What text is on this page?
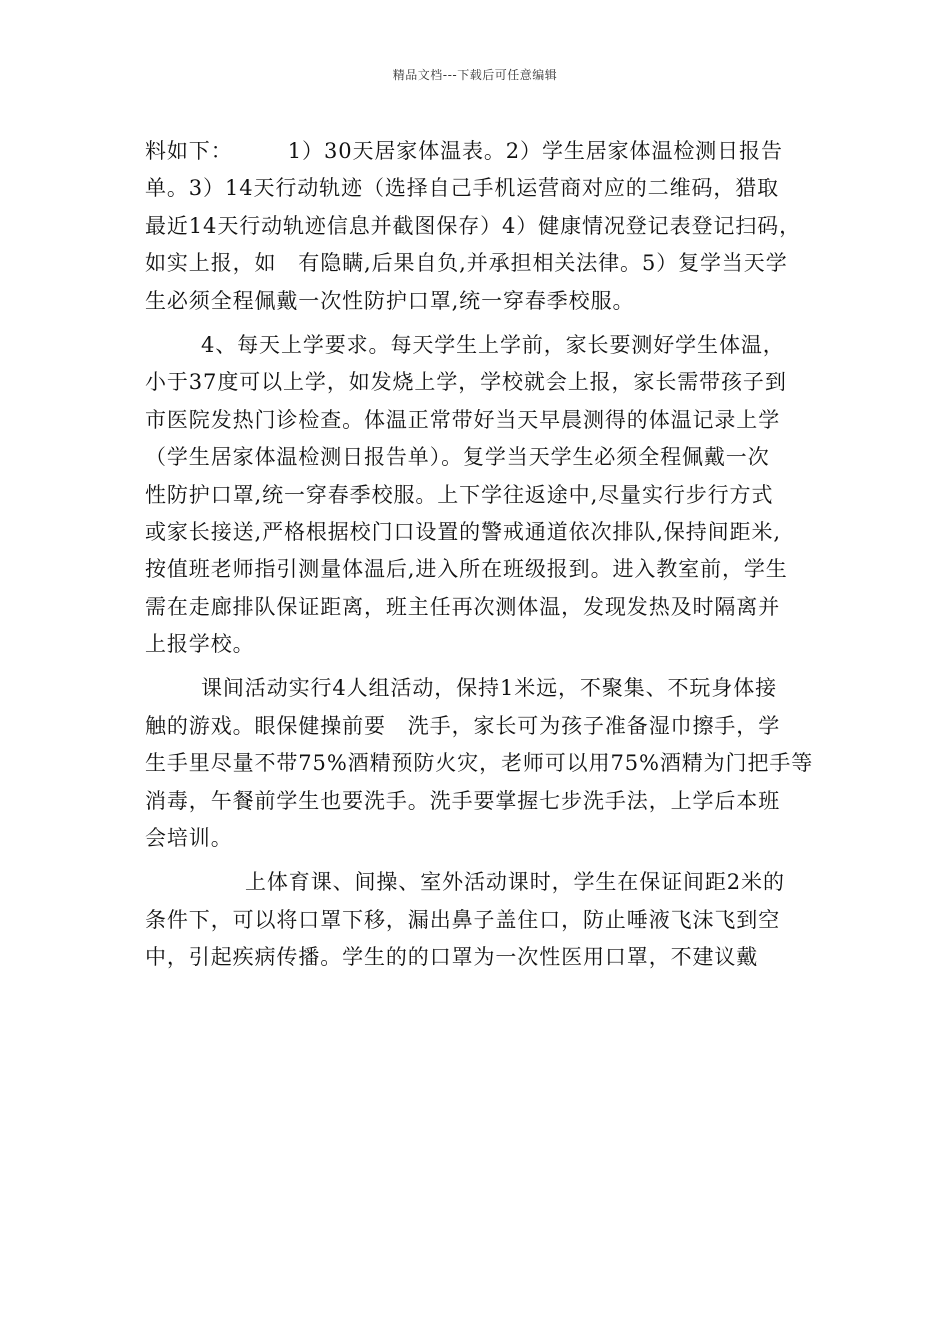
精品文档---下载后可任意编辑
料如下：　　　1）30天居家体温表。2）学生居家体温检测日报告
单。3）14天行动轨迹（选择自己手机运营商对应的二维码，猎取
最近14天行动轨迹信息并截图保存）4）健康情况登记表登记扫码，
如实上报，如　有隐瞒,后果自负,并承担相关法律。5）复学当天学
生必须全程佩戴一次性防护口罩,统一穿春季校服。
4、每天上学要求。每天学生上学前，家长要测好学生体温，
小于37度可以上学，如发烧上学，学校就会上报，家长需带孩子到
市医院发热门诊检查。体温正常带好当天早晨测得的体温记录上学
（学生居家体温检测日报告单）。复学当天学生必须全程佩戴一次
性防护口罩,统一穿春季校服。上下学往返途中,尽量实行步行方式
或家长接送,严格根据校门口设置的警戒通道依次排队,保持间距米,
按值班老师指引测量体温后,进入所在班级报到。进入教室前，学生
需在走廊排队保证距离，班主任再次测体温，发现发热及时隔离并
上报学校。
课间活动实行4人组活动，保持1米远，不聚集、不玩身体接
触的游戏。眼保健操前要　洗手，家长可为孩子准备湿巾擦手，学
生手里尽量不带75%酒精预防火灾，老师可以用75%酒精为门把手等
消毒，午餐前学生也要洗手。洗手要掌握七步洗手法，上学后本班
会培训。
上体育课、间操、室外活动课时，学生在保证间距2米的
条件下，可以将口罩下移，漏出鼻子盖住口，防止唾液飞沫飞到空
中，引起疾病传播。学生的的口罩为一次性医用口罩，不建议戴
